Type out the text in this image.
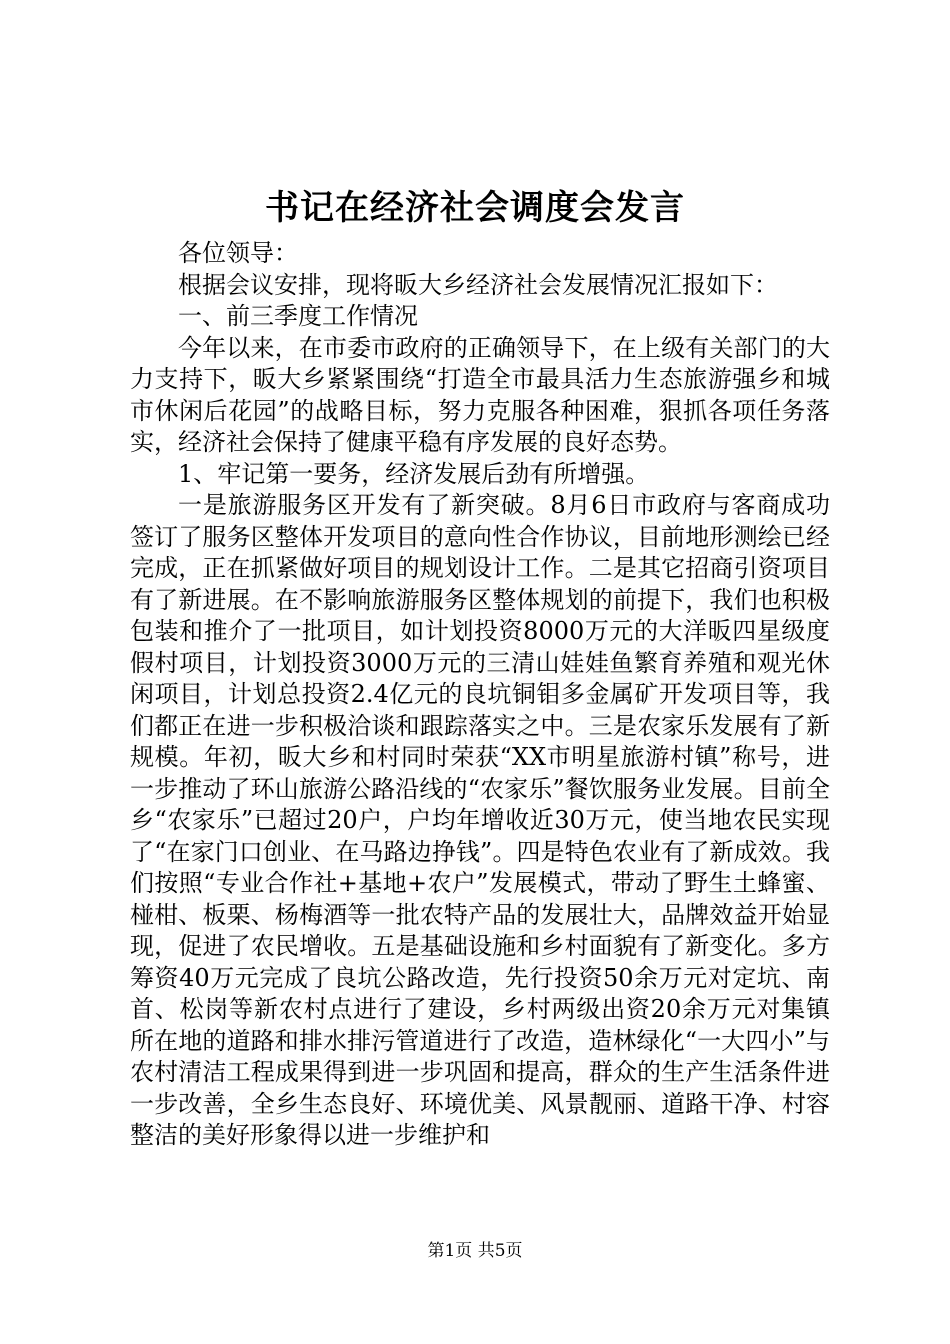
书记在经济社会调度会发言

各位领导：

根据会议安排，现将昄大乡经济社会发展情况汇报如下：

一、前三季度工作情况

今年以来，在市委市政府的正确领导下，在上级有关部门的大力支持下，昄大乡紧紧围绕“打造全市最具活力生态旅游强乡和城市休闲后花园”的战略目标，努力克服各种困难，狠抓各项任务落实，经济社会保持了健康平稳有序发展的良好态势。

1、牢记第一要务，经济发展后劲有所增强。

一是旅游服务区开发有了新突破。8月6日市政府与客商成功签订了服务区整体开发项目的意向性合作协议，目前地形测绘已经完成，正在抓紧做好项目的规划设计工作。二是其它招商引资项目有了新进展。在不影响旅游服务区整体规划的前提下，我们也积极包装和推介了一批项目，如计划投资8000万元的大洋昄四星级度假村项目，计划投资3000万元的三清山娃娃鱼繁育养殖和观光休闲项目，计划总投资2.4亿元的良坑铜钼多金属矿开发项目等，我们都正在进一步积极洽谈和跟踪落实之中。三是农家乐发展有了新规模。年初，昄大乡和村同时荣获“XX市明星旅游村镇”称号，进一步推动了环山旅游公路沿线的“农家乐”餐饮服务业发展。目前全乡“农家乐”已超过20户，户均年增收近30万元，使当地农民实现了“在家门口创业、在马路边挣钱”。四是特色农业有了新成效。我们按照“专业合作社+基地+农户”发展模式，带动了野生土蜂蜜、椪柑、板栗、杨梅酒等一批农特产品的发展壮大，品牌效益开始显现，促进了农民增收。五是基础设施和乡村面貌有了新变化。多方筹资40万元完成了良坑公路改造，先行投资50余万元对定坑、南首、松岗等新农村点进行了建设，乡村两级出资20余万元对集镇所在地的道路和排水排污管道进行了改造，造林绿化“一大四小”与农村清洁工程成果得到进一步巩固和提高，群众的生产生活条件进一步改善，全乡生态良好、环境优美、风景靓丽、道路干净、村容整洁的美好形象得以进一步维护和

第1页 共5页
